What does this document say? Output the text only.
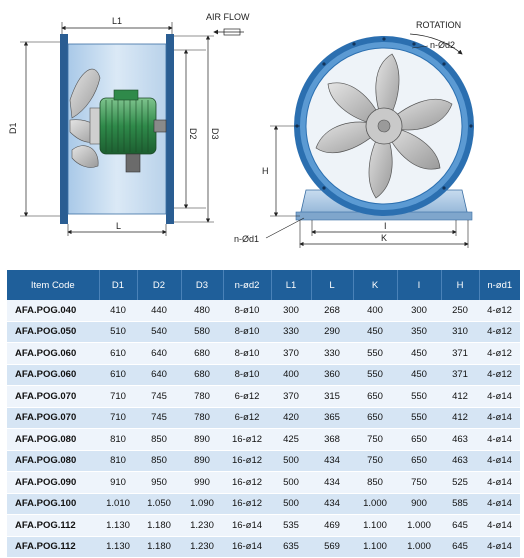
L1
D1	D2 D3
L
AIR FLOW
ROTATION
n-Ød2
H
n-Ød1
I
K
Item Code	D1	D2	D3	n-ød2	L1	L	K	I	H	n-ød1
AFA.POG.040	410	440	480	8-ø10	300	268	400	300	250	4-ø12
AFA.POG.050	510	540	580	8-ø10	330	290	450	350	310	4-ø12
AFA.POG.060	610	640	680	8-ø10	370	330	550	450	371	4-ø12
AFA.POG.060	610	640	680	8-ø10	400	360	550	450	371	4-ø12
AFA.POG.070	710	745	780	6-ø12	370	315	650	550	412	4-ø14
AFA.POG.070	710	745	780	6-ø12	420	365	650	550	412	4-ø14
AFA.POG.080	810	850	890	16-ø12	425	368	750	650	463	4-ø14
AFA.POG.080	810	850	890	16-ø12	500	434	750	650	463	4-ø14
AFA.POG.090	910	950	990	16-ø12	500	434	850	750	525	4-ø14
AFA.POG.100	1.010	1.050	1.090	16-ø12	500	434	1.000	900	585	4-ø14
AFA.POG.112	1.130	1.180	1.230	16-ø14	535	469	1.100	1.000	645	4-ø14
AFA.POG.112	1.130	1.180	1.230	16-ø14	635	569	1.100	1.000	645	4-ø14
